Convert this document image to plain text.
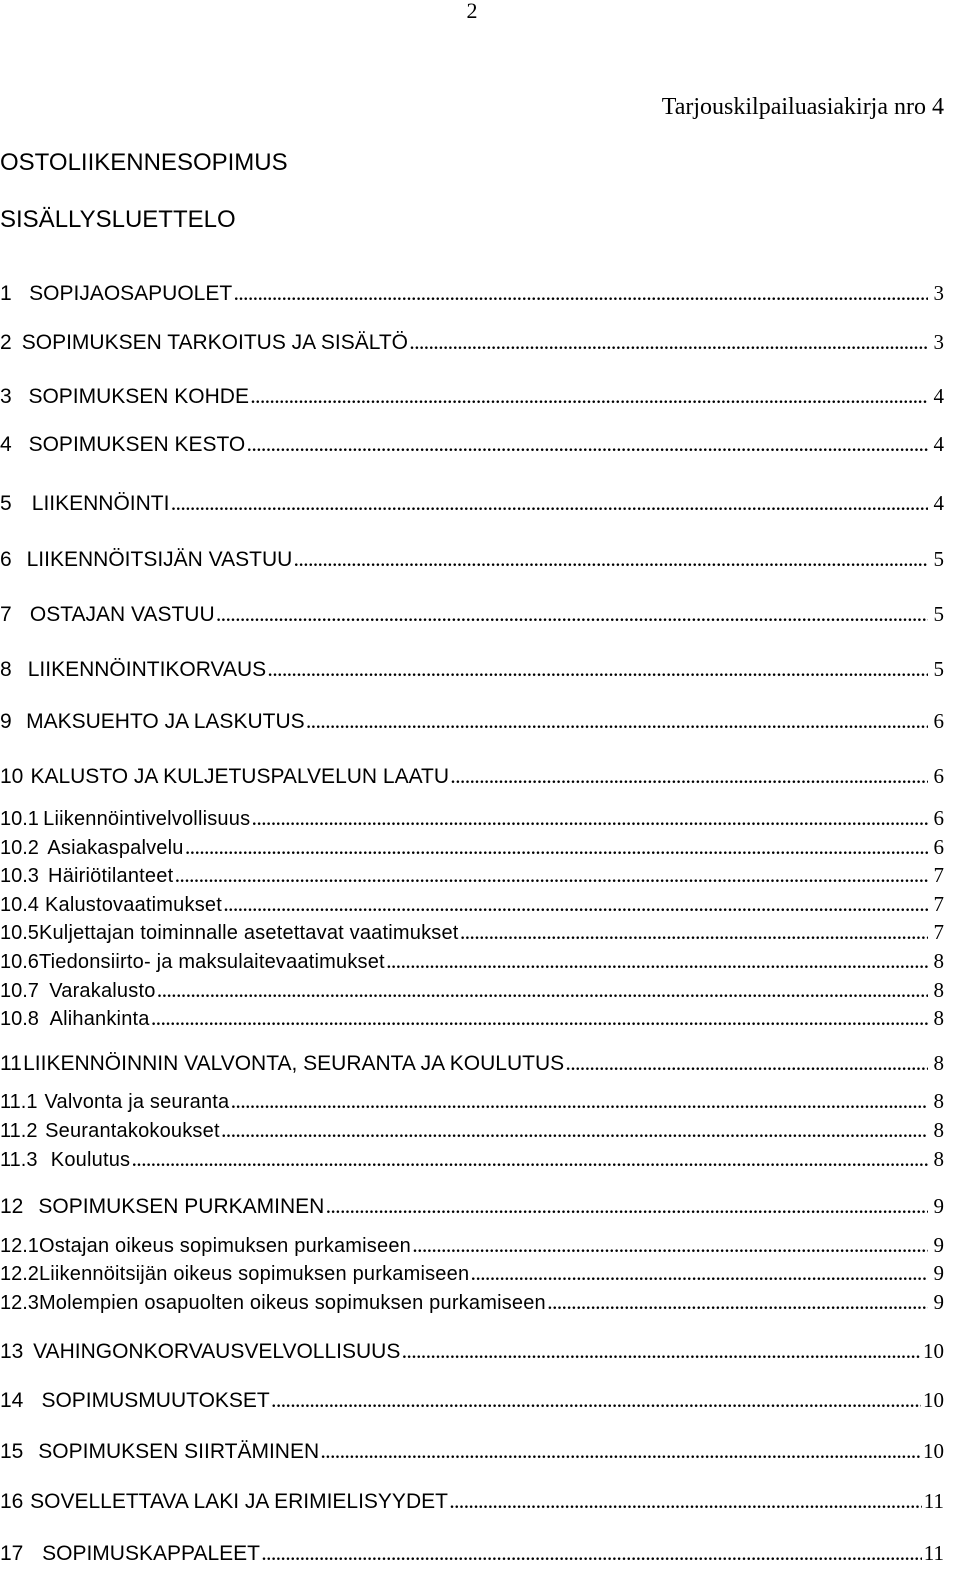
2
Tarjouskilpailuasiakirja nro 4
OSTOLIIKENNESOPIMUS
SISÄLLYSLUETTELO
1 SOPIJAOSAPUOLET .....	3
2 SOPIMUKSEN TARKOITUS JA SISÄLTÖ .....	3
3 SOPIMUKSEN KOHDE .....	4
4 SOPIMUKSEN KESTO .....	4
5 LIIKENNÖINTI .....	4
6 LIIKENNÖITSIJÄN VASTUU .....	5
7 OSTAJAN VASTUU .....	5
8 LIIKENNÖINTIKORVAUS .....	5
9 MAKSUEHTO JA LASKUTUS .....	6
10 KALUSTO JA KULJETUSPALVELUN LAATU .....	6
10.1 Liikennöintivelvollisuus .....	6
10.2 Asiakaspalvelu .....	6
10.3 Häiriötilanteet .....	7
10.4 Kalustovaatimukset .....	7
10.5 Kuljettajan toiminnalle asetettavat vaatimukset .....	7
10.6 Tiedonsiirto- ja maksulaitevaatimukset .....	8
10.7 Varakalusto .....	8
10.8 Alihankinta .....	8
11 LIIKENNÖINNIN VALVONTA, SEURANTA JA KOULUTUS .....	8
11.1 Valvonta ja seuranta .....	8
11.2 Seurantakokoukset .....	8
11.3 Koulutus .....	8
12 SOPIMUKSEN PURKAMINEN .....	9
12.1 Ostajan oikeus sopimuksen purkamiseen .....	9
12.2 Liikennöitsijän oikeus sopimuksen purkamiseen .....	9
12.3 Molempien osapuolten oikeus sopimuksen purkamiseen .....	9
13 VAHINGONKORVAUSVELVOLLISUUS .....	10
14 SOPIMUSMUUTOKSET .....	10
15 SOPIMUKSEN SIIRTÄMINEN .....	10
16 SOVELLETTAVA LAKI JA ERIMIELISYYDET .....	11
17 SOPIMUSKAPPALEET .....	11
